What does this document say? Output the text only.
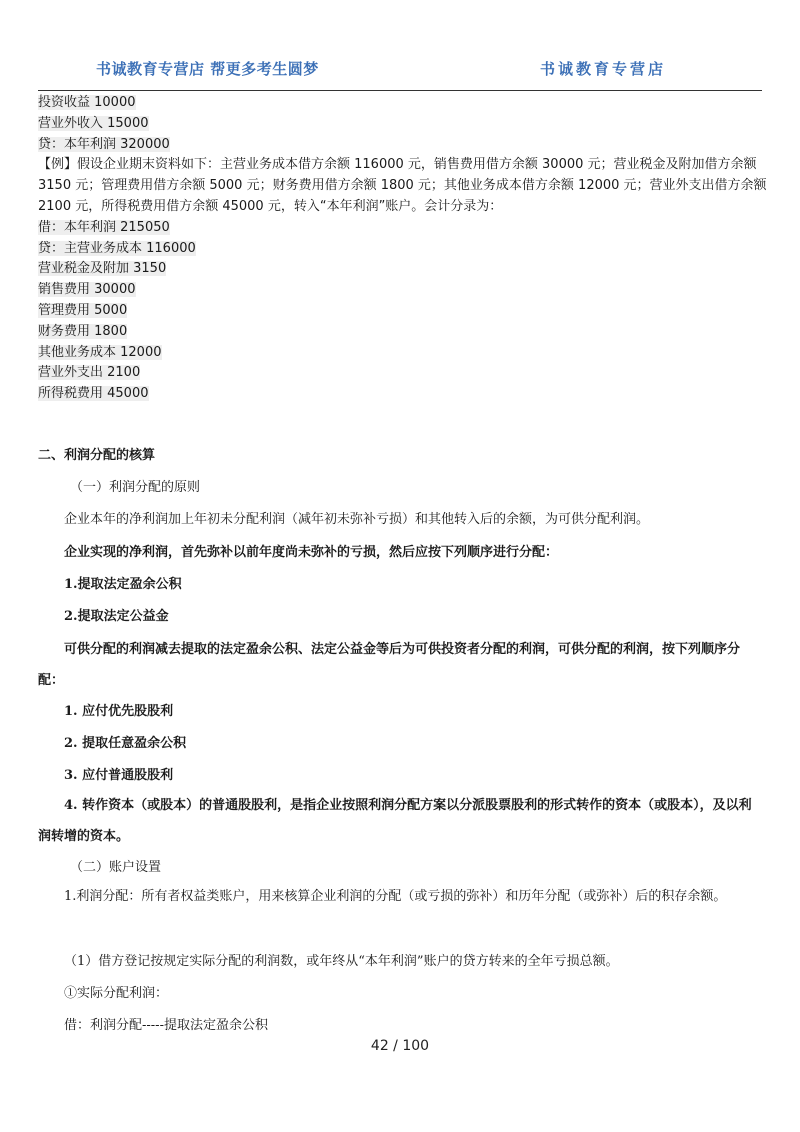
书诚教育专营店 帮更多考生圆梦	书诚教育专营店
投资收益 10000
营业外收入 15000
贷：本年利润 320000
【例】假设企业期末资料如下：主营业务成本借方余额 116000 元，销售费用借方余额 30000 元；营业税金及附加借方余额 3150 元；管理费用借方余额 5000 元；财务费用借方余额 1800 元；其他业务成本借方余额 12000 元；营业外支出借方余额 2100 元，所得税费用借方余额 45000 元，转入“本年利润”账户。会计分录为：
借：本年利润 215050
贷：主营业务成本 116000
营业税金及附加 3150
销售费用 30000
管理费用 5000
财务费用 1800
其他业务成本 12000
营业外支出 2100
所得税费用 45000
二、利润分配的核算
（一）利润分配的原则
企业本年的净利润加上年初未分配利润（减年初未弥补亏损）和其他转入后的余额，为可供分配利润。
企业实现的净利润，首先弥补以前年度尚未弥补的亏损，然后应按下列顺序进行分配：
1.提取法定盈余公积
2.提取法定公益金
可供分配的利润减去提取的法定盈余公积、法定公益金等后为可供投资者分配的利润，可供分配的利润，按下列顺序分配：
1. 应付优先股股利
2. 提取任意盈余公积
3. 应付普通股股利
4. 转作资本（或股本）的普通股股利，是指企业按照利润分配方案以分派股票股利的形式转作的资本（或股本），及以利润转增的资本。
（二）账户设置
1.利润分配：所有者权益类账户，用来核算企业利润的分配（或亏损的弥补）和历年分配（或弥补）后的积存余额。
（1）借方登记按规定实际分配的利润数，或年终从“本年利润”账户的贷方转来的全年亏损总额。
①实际分配利润：
借：利润分配-----提取法定盈余公积
42 / 100
